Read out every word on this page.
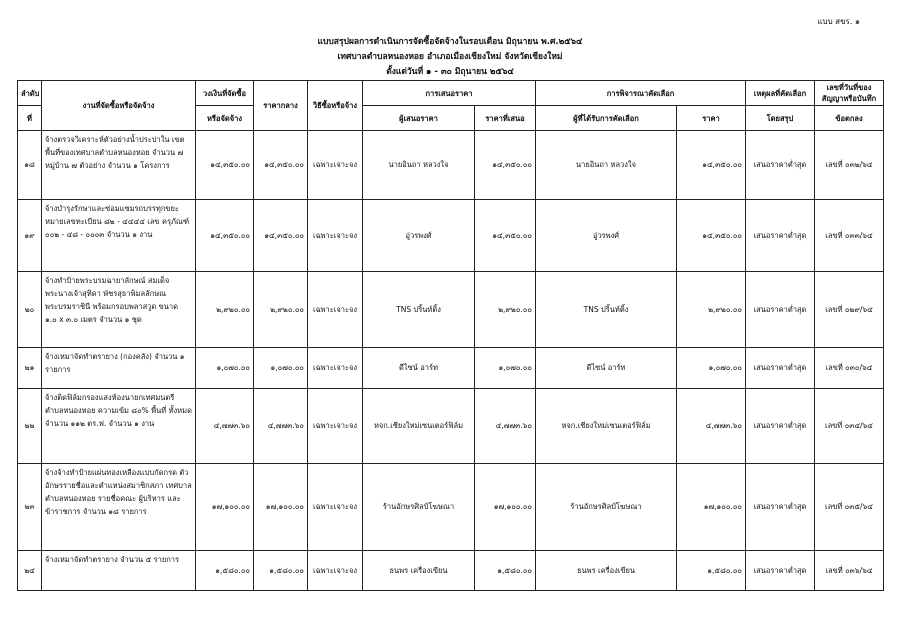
แบบ สขร. ๑
แบบสรุปผลการดำเนินการจัดซื้อจัดจ้างในรอบเดือน มิถุนายน พ.ศ.๒๕๖๔
เทศบาลตำบลหนองหอย อำเภอเมืองเชียงใหม่ จังหวัดเชียงใหม่
ตั้งแต่วันที่ ๑ - ๓๐ มิถุนายน ๒๕๖๔
ลำดับ	งานที่จัดซื้อหรือจัดจ้าง	วงเงินที่จัดซื้อ	ราคากลาง	วิธีซื้อหรือจ้าง	การเสนอราคา		การพิจารณาคัดเลือก		เหตุผลที่คัดเลือก	เลขที่วันที่ของ
สัญญาหรือบันทึก
ที่		หรือจัดจ้าง			ผู้เสนอราคา	ราคาที่เสนอ	ผู้ที่ได้รับการคัดเลือก	ราคา	โดยสรุป	ข้อตกลง
๑๘	จ้างตรวจวิเคราะห์ตัวอย่างน้ำประปาใน เขตพื้นที่ของเทศบาลตำบลหนองหอย จำนวน ๗ หมู่บ้าน ๗ ตัวอย่าง จำนวน ๑ โครงการ	๑๔,๓๕๐.๐๐	๑๔,๓๕๐.๐๐	เฉพาะเจาะจง	นายอินถา หลวงใจ	๑๔,๓๕๐.๐๐	นายอินถา หลวงใจ	๑๔,๓๕๐.๐๐	เสนอราคาต่ำสุด	เลขที่ ๐๓๒/๖๔
๑๙	จ้างบำรุงรักษาและซ่อมแซมรถบรรทุกขยะ หมายเลขทะเบียน ๘๒ - ๔๔๔๔ เลข ครุภัณฑ์ ๐๐๒ - ๔๘ - ๐๐๐๓ จำนวน ๑ งาน	๑๔,๓๕๐.๐๐	๑๔,๓๕๐.๐๐	เฉพาะเจาะจง	อู่วรพงศ์	๑๔,๓๕๐.๐๐	อู่วรพงศ์	๑๔,๓๕๐.๐๐	เสนอราคาต่ำสุด	เลขที่ ๐๓๓/๖๔
๒๐	จ้างทำป้ายพระบรมฉายาลักษณ์ สมเด็จ พระนางเจ้าสุทิดา พัชรสุธาพิมลลักษณ พระบรมราชินี พร้อมกรอบพลาสวูด ขนาด ๑.๐ x ๓.๐ เมตร จำนวน ๑ ชุด	๒,๙๒๐.๐๐	๒,๙๒๐.๐๐	เฉพาะเจาะจง	TNS ปริ้นท์ติ้ง	๒,๙๒๐.๐๐	TNS ปริ้นท์ติ้ง	๒,๙๒๐.๐๐	เสนอราคาต่ำสุด	เลขที่ ๐๒๙/๖๔
๒๑	จ้างเหมาจัดทำตรายาง (กองคลัง) จำนวน ๑ รายการ	๑,๐๗๐.๐๐	๑,๐๗๐.๐๐	เฉพาะเจาะจง	ดีไซน์ อาร์ท	๑,๐๗๐.๐๐	ดีไซน์ อาร์ท	๑,๐๗๐.๐๐	เสนอราคาต่ำสุด	เลขที่ ๐๓๐/๖๔
๒๒	จ้างติดฟิล์มกรองแสงห้องนายกเทศมนตรี ตำบลหนองหอย ความเข้ม ๘๐% พื้นที่ ทั้งหมด จำนวน ๑๑๒ ตร.ฟ. จำนวน ๑ งาน	๔,๗๗๓.๖๐	๔,๗๗๓.๖๐	เฉพาะเจาะจง	หจก.เชียงใหม่เซนเตอร์ฟิล์ม	๔,๗๗๓.๖๐	หจก.เชียงใหม่เซนเตอร์ฟิล์ม	๔,๗๗๓.๖๐	เสนอราคาต่ำสุด	เลขที่ ๐๓๔/๖๔
๒๓	จ้างจ้างทำป้ายแผ่นทองเหลืองแบบกัดกรด ตัวอักษรรายชื่อและตำแหน่งสมาชิกสภา เทศบาลตำบลหนองหอย รายชื่อคณะ ผู้บริหาร และข้าราชการ จำนวน ๑๘ รายการ	๑๗,๑๐๐.๐๐	๑๗,๑๐๐.๐๐	เฉพาะเจาะจง	ร้านอักษรศิลป์โฆษณา	๑๗,๑๐๐.๐๐	ร้านอักษรศิลป์โฆษณา	๑๗,๑๐๐.๐๐	เสนอราคาต่ำสุด	เลขที่ ๐๓๕/๖๔
๒๔	จ้างเหมาจัดทำตรายาง จำนวน ๕ รายการ	๑,๕๘๐.๐๐	๑,๕๘๐.๐๐	เฉพาะเจาะจง	ธนพร เครื่องเขียน	๑,๕๘๐.๐๐	ธนพร เครื่องเขียน	๑,๕๘๐.๐๐	เสนอราคาต่ำสุด	เลขที่ ๐๓๖/๖๔
